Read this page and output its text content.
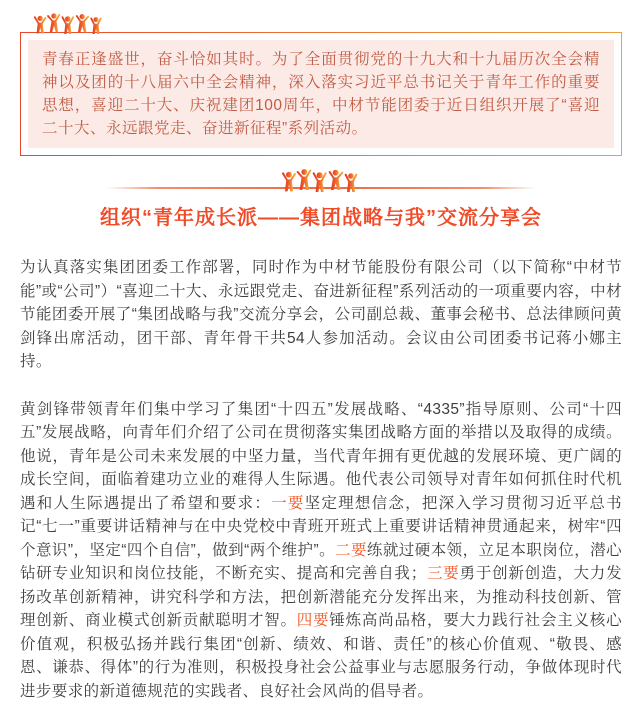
青春正逢盛世，奋斗恰如其时。为了全面贯彻党的十九大和十九届历次全会精神以及团的十八届六中全会精神，深入落实习近平总书记关于青年工作的重要思想，喜迎二十大、庆祝建团100周年，中材节能团委于近日组织开展了“喜迎二十大、永远跟党走、奋进新征程”系列活动。

组织“青年成长派——集团战略与我”交流分享会

为认真落实集团团委工作部署，同时作为中材节能股份有限公司（以下简称“中材节能”或“公司”）“喜迎二十大、永远跟党走、奋进新征程”系列活动的一项重要内容，中材节能团委开展了“集团战略与我”交流分享会，公司副总裁、董事会秘书、总法律顾问黄剑锋出席活动，团干部、青年骨干共54人参加活动。会议由公司团委书记蒋小娜主持。

黄剑锋带领青年们集中学习了集团“十四五”发展战略、“4335”指导原则、公司“十四五”发展战略，向青年们介绍了公司在贯彻落实集团战略方面的举措以及取得的成绩。他说，青年是公司未来发展的中坚力量，当代青年拥有更优越的发展环境、更广阔的成长空间，面临着建功立业的难得人生际遇。他代表公司领导对青年如何抓住时代机遇和人生际遇提出了希望和要求：一要坚定理想信念，把深入学习贯彻习近平总书记“七一”重要讲话精神与在中央党校中青班开班式上重要讲话精神贯通起来，树牢“四个意识”，坚定“四个自信”，做到“两个维护”。二要练就过硬本领，立足本职岗位，潜心钻研专业知识和岗位技能，不断充实、提高和完善自我；三要勇于创新创造，大力发扬改革创新精神，讲究科学和方法，把创新潜能充分发挥出来，为推动科技创新、管理创新、商业模式创新贡献聪明才智。四要锤炼高尚品格，要大力践行社会主义核心价值观，积极弘扬并践行集团“创新、绩效、和谐、责任”的核心价值观、“敬畏、感恩、谦恭、得体”的行为准则，积极投身社会公益事业与志愿服务行动，争做体现时代进步要求的新道德规范的实践者、良好社会风尚的倡导者。
